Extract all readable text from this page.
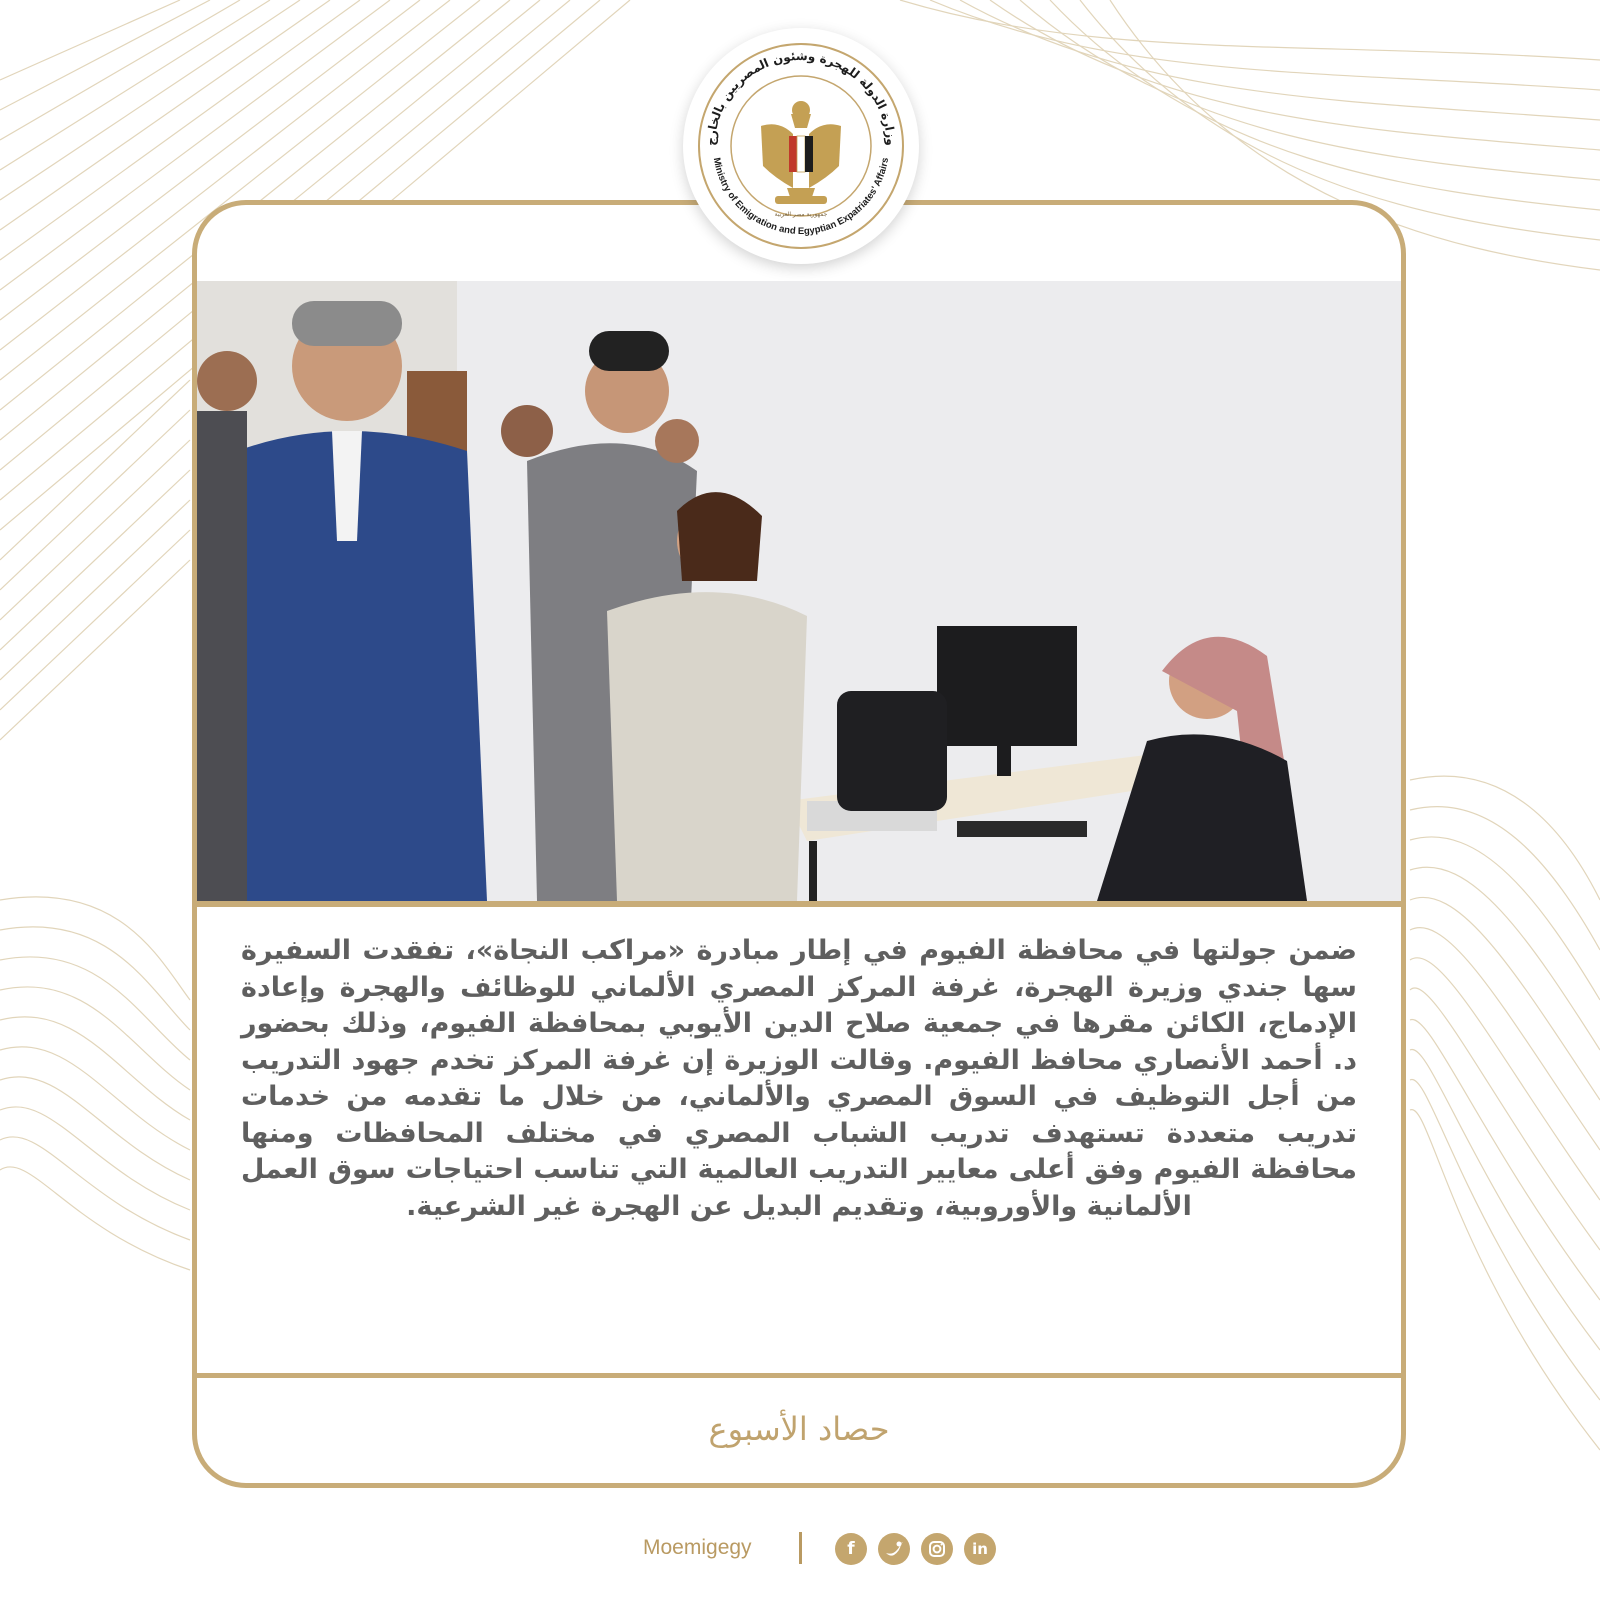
ضمن جولتها في محافظة الفيوم في إطار مبادرة «مراكب النجاة»، تفقدت السفيرة سها جندي وزيرة الهجرة، غرفة المركز المصري الألماني للوظائف والهجرة وإعادة الإدماج، الكائن مقرها في جمعية صلاح الدين الأيوبي بمحافظة الفيوم، وذلك بحضور د. أحمد الأنصاري محافظ الفيوم. وقالت الوزيرة إن غرفة المركز تخدم جهود التدريب من أجل التوظيف في السوق المصري والألماني، من خلال ما تقدمه من خدمات تدريب متعددة تستهدف تدريب الشباب المصري في مختلف المحافظات ومنها محافظة الفيوم وفق أعلى معايير التدريب العالمية التي تناسب احتياجات سوق العمل الألمانية والأوروبية، وتقديم البديل عن الهجرة غير الشرعية.

حصاد الأسبوع
وزارة الدولة للهجرة وشئون المصريين بالخارج
Ministry of Emigration and Egyptian Expatriates' Affairs
جمهورية مصر العربية
Moemigegy	f	in
